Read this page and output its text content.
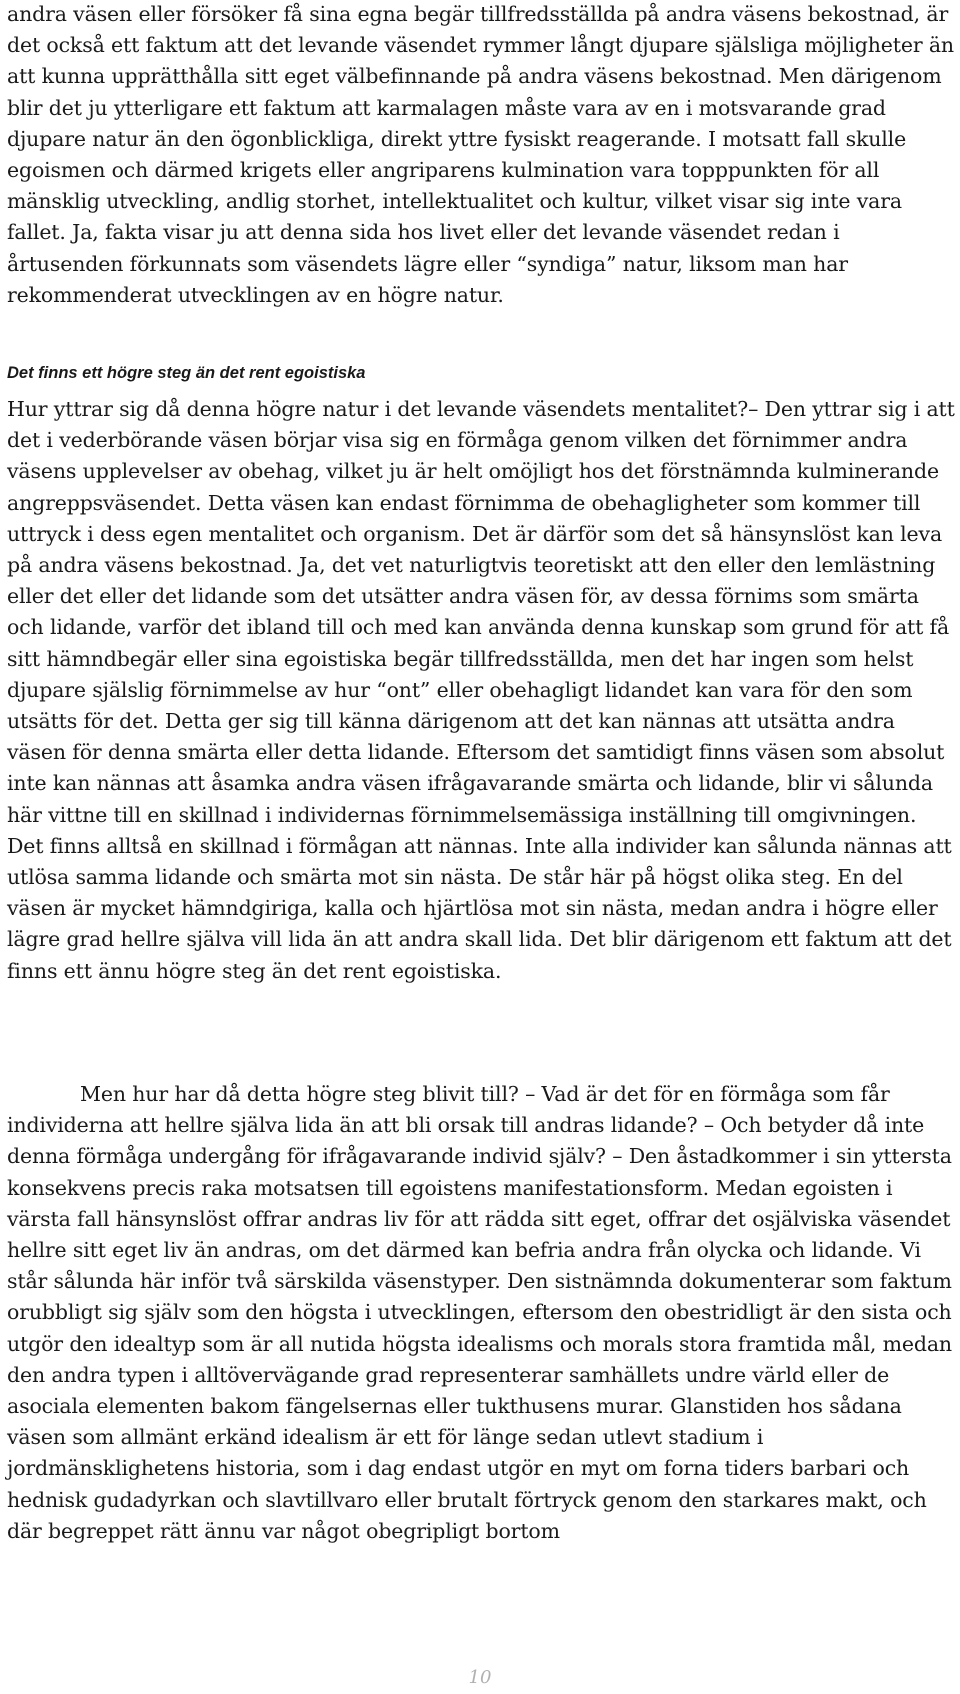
andra väsen eller försöker få sina egna begär tillfredsställda på andra väsens bekostnad, är det också ett faktum att det levande väsendet rymmer långt djupare själsliga möjligheter än att kunna upprätthålla sitt eget välbefinnande på andra väsens bekostnad. Men därigenom blir det ju ytterligare ett faktum att karmalagen måste vara av en i motsvarande grad djupare natur än den ögonblickliga, direkt yttre fysiskt reagerande. I motsatt fall skulle egoismen och därmed krigets eller angriparens kulmination vara topppunkten för all mänsklig utveckling, andlig storhet, intellektualitet och kultur, vilket visar sig inte vara fallet. Ja, fakta visar ju att denna sida hos livet eller det levande väsendet redan i årtusenden förkunnats som väsendets lägre eller “syndiga” natur, liksom man har rekommenderat utvecklingen av en högre natur.

Det finns ett högre steg än det rent egoistiska

Hur yttrar sig då denna högre natur i det levande väsendets mentalitet?– Den yttrar sig i att det i vederbörande väsen börjar visa sig en förmåga genom vilken det förnimmer andra väsens upplevelser av obehag, vilket ju är helt omöjligt hos det förstnämnda kulminerande angreppsväsendet. Detta väsen kan endast förnimma de obehagligheter som kommer till uttryck i dess egen mentalitet och organism. Det är därför som det så hänsynslöst kan leva på andra väsens bekostnad. Ja, det vet naturligtvis teoretiskt att den eller den lemlästning eller det eller det lidande som det utsätter andra väsen för, av dessa förnims som smärta och lidande, varför det ibland till och med kan använda denna kunskap som grund för att få sitt hämndbegär eller sina egoistiska begär tillfredsställda, men det har ingen som helst djupare själslig förnimmelse av hur “ont” eller obehagligt lidandet kan vara för den som utsätts för det. Detta ger sig till känna därigenom att det kan nännas att utsätta andra väsen för denna smärta eller detta lidande. Eftersom det samtidigt finns väsen som absolut inte kan nännas att åsamka andra väsen ifrågavarande smärta och lidande, blir vi sålunda här vittne till en skillnad i individernas förnimmelsemässiga inställning till omgivningen. Det finns alltså en skillnad i förmågan att nännas. Inte alla individer kan sålunda nännas att utlösa samma lidande och smärta mot sin nästa. De står här på högst olika steg. En del väsen är mycket hämndgiriga, kalla och hjärtlösa mot sin nästa, medan andra i högre eller lägre grad hellre själva vill lida än att andra skall lida. Det blir därigenom ett faktum att det finns ett ännu högre steg än det rent egoistiska.

Men hur har då detta högre steg blivit till? – Vad är det för en förmåga som får individerna att hellre själva lida än att bli orsak till andras lidande? – Och betyder då inte denna förmåga undergång för ifrågavarande individ själv? – Den åstadkommer i sin yttersta konsekvens precis raka motsatsen till egoistens manifestationsform. Medan egoisten i värsta fall hänsynslöst offrar andras liv för att rädda sitt eget, offrar det osjälviska väsendet hellre sitt eget liv än andras, om det därmed kan befria andra från olycka och lidande. Vi står sålunda här inför två särskilda väsenstyper. Den sistnämnda dokumenterar som faktum orubbligt sig själv som den högsta i utvecklingen, eftersom den obestridligt är den sista och utgör den idealtyp som är all nutida högsta idealisms och morals stora framtida mål, medan den andra typen i alltövervägande grad representerar samhällets undre värld eller de asociala elementen bakom fängelsernas eller tukthusens murar. Glanstiden hos sådana väsen som allmänt erkänd idealism är ett för länge sedan utlevt stadium i jordmänsklighetens historia, som i dag endast utgör en myt om forna tiders barbari och hednisk gudadyrkan och slavtillvaro eller brutalt förtryck genom den starkares makt, och där begreppet rätt ännu var något obegripligt bortom

10
